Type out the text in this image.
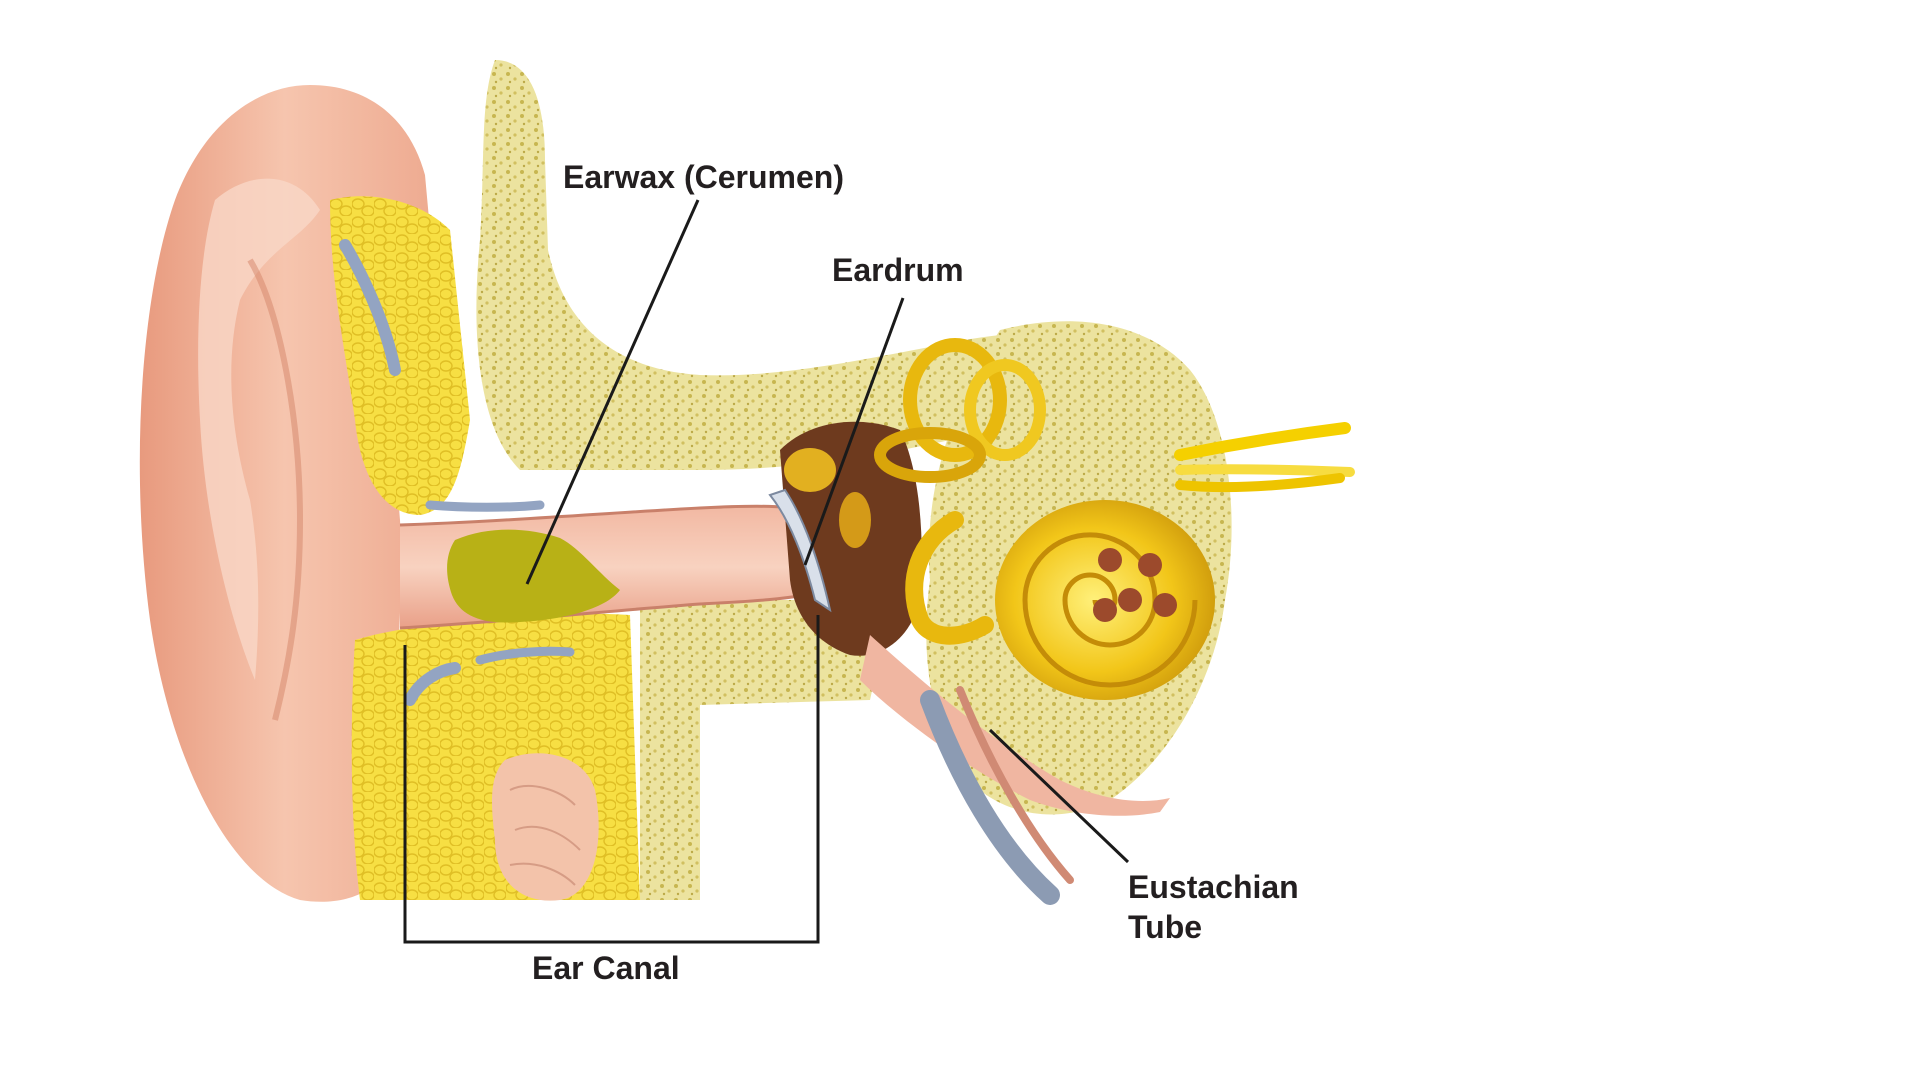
Earwax (Cerumen)
Eardrum
Eustachian
Tube
Ear Canal
